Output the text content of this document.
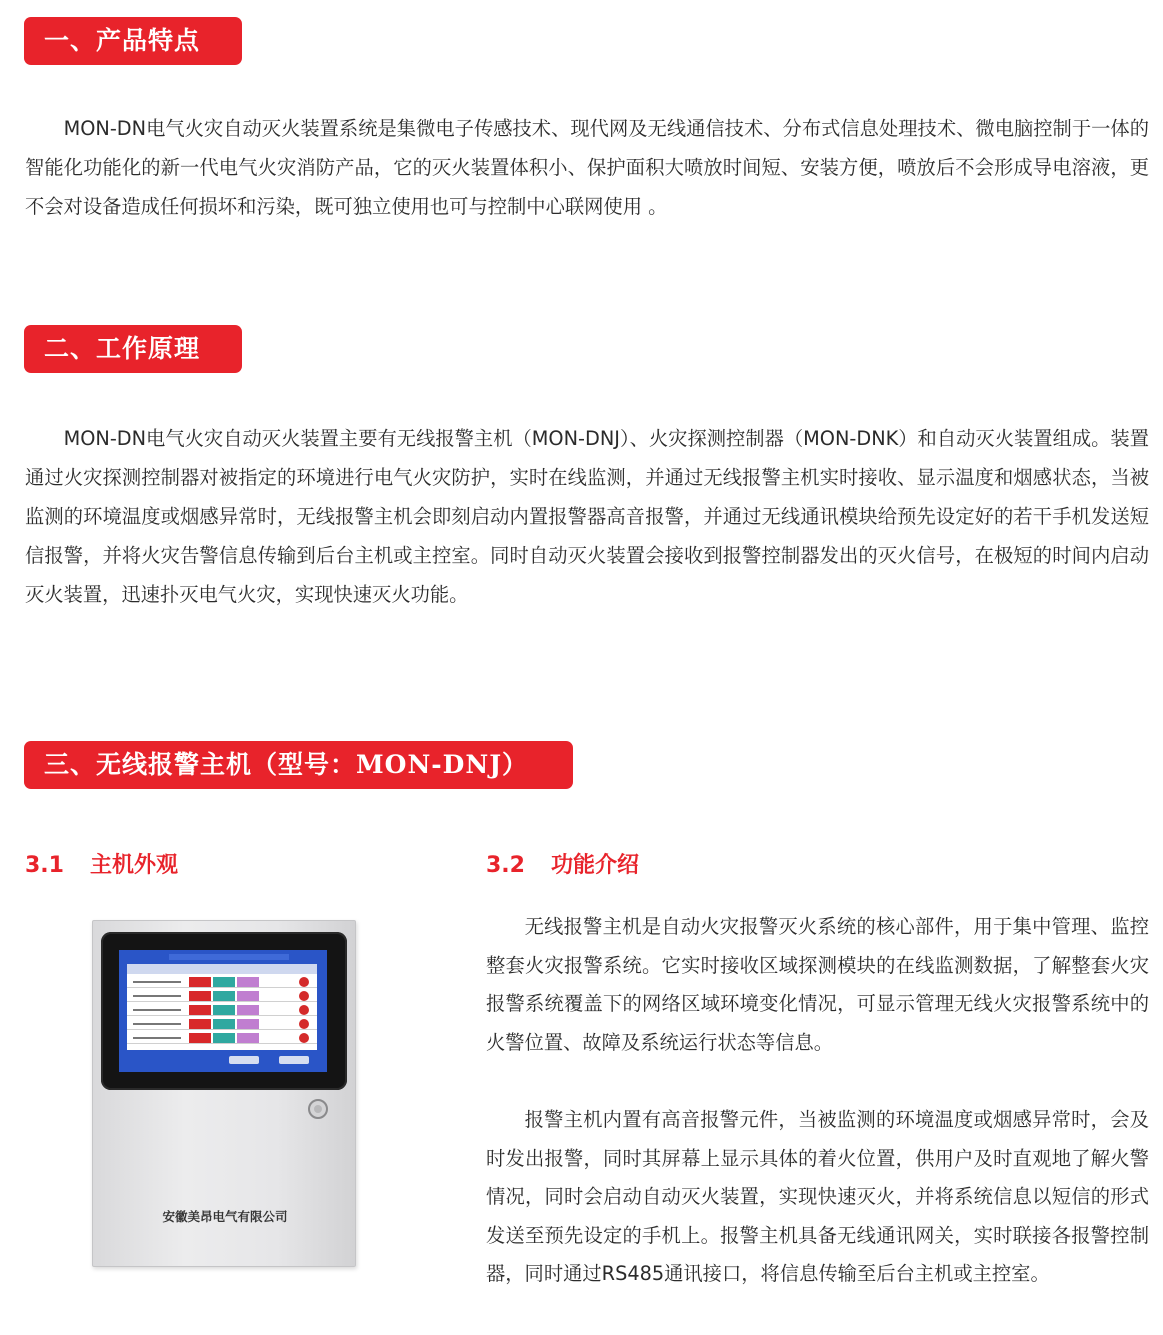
一、产品特点

MON-DN电气火灾自动灭火装置系统是集微电子传感技术、现代网及无线通信技术、分布式信息处理技术、微电脑控制于一体的智能化功能化的新一代电气火灾消防产品，它的灭火装置体积小、保护面积大喷放时间短、安装方便，喷放后不会形成导电溶液，更不会对设备造成任何损坏和污染，既可独立使用也可与控制中心联网使用 。

二、工作原理

MON-DN电气火灾自动灭火装置主要有无线报警主机（MON-DNJ）、火灾探测控制器（MON-DNK）和自动灭火装置组成。装置通过火灾探测控制器对被指定的环境进行电气火灾防护，实时在线监测，并通过无线报警主机实时接收、显示温度和烟感状态，当被监测的环境温度或烟感异常时，无线报警主机会即刻启动内置报警器高音报警，并通过无线通讯模块给预先设定好的若干手机发送短信报警，并将火灾告警信息传输到后台主机或主控室。同时自动灭火装置会接收到报警控制器发出的灭火信号，在极短的时间内启动灭火装置，迅速扑灭电气火灾，实现快速灭火功能。

三、无线报警主机（型号：MON-DNJ）
3.1 主机外观	3.2 功能介绍
安徽美昂电气有限公司

无线报警主机是自动火灾报警灭火系统的核心部件，用于集中管理、监控整套火灾报警系统。它实时接收区域探测模块的在线监测数据，了解整套火灾报警系统覆盖下的网络区域环境变化情况，可显示管理无线火灾报警系统中的火警位置、故障及系统运行状态等信息。

报警主机内置有高音报警元件，当被监测的环境温度或烟感异常时，会及时发出报警，同时其屏幕上显示具体的着火位置，供用户及时直观地了解火警情况，同时会启动自动灭火装置，实现快速灭火，并将系统信息以短信的形式发送至预先设定的手机上。报警主机具备无线通讯网关，实时联接各报警控制器，同时通过RS485通讯接口，将信息传输至后台主机或主控室。
